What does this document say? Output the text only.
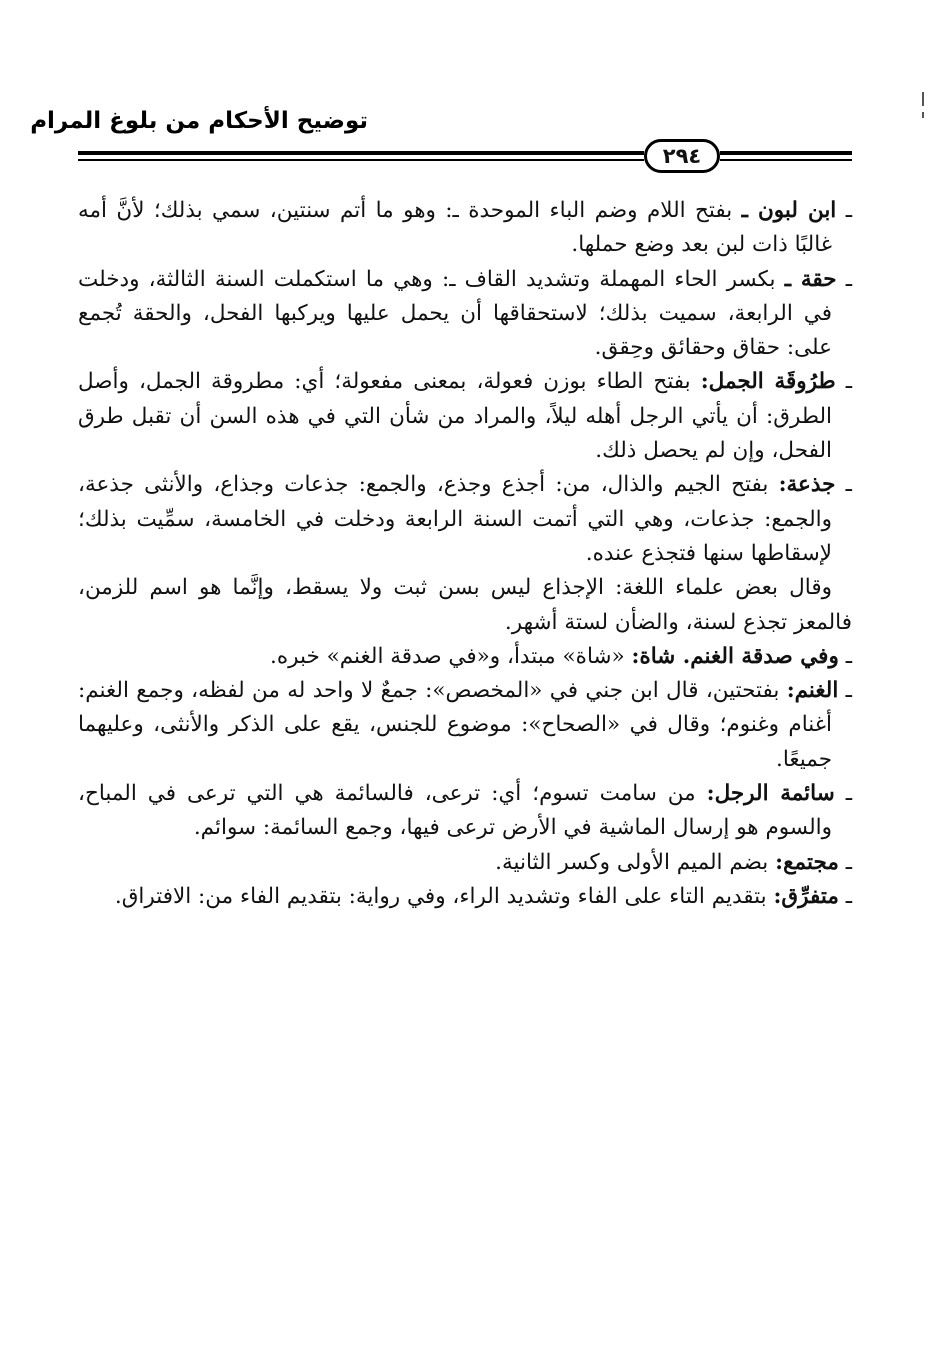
توضيح الأحكام من بلوغ المرام
٢٩٤

ـ ابن لبون ـ بفتح اللام وضم الباء الموحدة ـ: وهو ما أتم سنتين، سمي بذلك؛ لأنَّ أمه غالبًا ذات لبن بعد وضع حملها.

ـ حقة ـ بكسر الحاء المهملة وتشديد القاف ـ: وهي ما استكملت السنة الثالثة، ودخلت في الرابعة، سميت بذلك؛ لاستحقاقها أن يحمل عليها ويركبها الفحل، والحقة تُجمع على: حقاق وحقائق وحِقق.

ـ طرُوقَة الجمل: بفتح الطاء بوزن فعولة، بمعنى مفعولة؛ أي: مطروقة الجمل، وأصل الطرق: أن يأتي الرجل أهله ليلاً، والمراد من شأن التي في هذه السن أن تقبل طرق الفحل، وإن لم يحصل ذلك.

ـ جذعة: بفتح الجيم والذال، من: أجذع وجذع، والجمع: جذعات وجذاع، والأنثى جذعة، والجمع: جذعات، وهي التي أتمت السنة الرابعة ودخلت في الخامسة، سمِّيت بذلك؛ لإسقاطها سنها فتجذع عنده.

وقال بعض علماء اللغة: الإجذاع ليس بسن ثبت ولا يسقط، وإنَّما هو اسم للزمن، فالمعز تجذع لسنة، والضأن لستة أشهر.

ـ وفي صدقة الغنم. شاة: «شاة» مبتدأ، و«في صدقة الغنم» خبره.

ـ الغنم: بفتحتين، قال ابن جني في «المخصص»: جمعٌ لا واحد له من لفظه، وجمع الغنم: أغنام وغنوم؛ وقال في «الصحاح»: موضوع للجنس، يقع على الذكر والأنثى، وعليهما جميعًا.

ـ سائمة الرجل: من سامت تسوم؛ أي: ترعى، فالسائمة هي التي ترعى في المباح، والسوم هو إرسال الماشية في الأرض ترعى فيها، وجمع السائمة: سوائم.

ـ مجتمع: بضم الميم الأولى وكسر الثانية.

ـ متفرِّق: بتقديم التاء على الفاء وتشديد الراء، وفي رواية: بتقديم الفاء من: الافتراق.
